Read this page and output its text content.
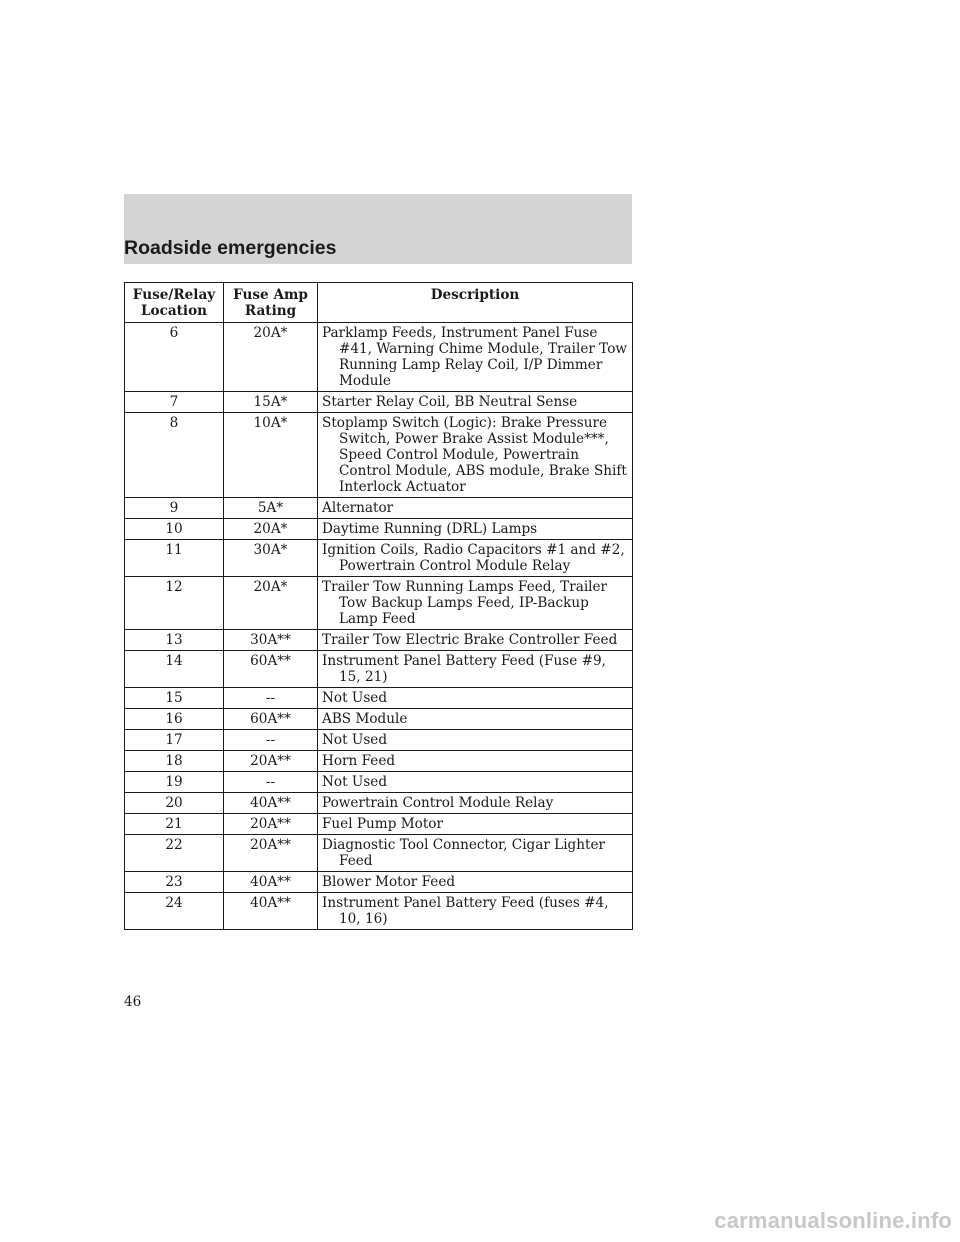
Roadside emergencies
Fuse/Relay Location	Fuse Amp Rating	Description
6	20A*	Parklamp Feeds, Instrument Panel Fuse #41, Warning Chime Module, Trailer Tow Running Lamp Relay Coil, I/P Dimmer Module

7	15A*	Starter Relay Coil, BB Neutral Sense

8	10A*	Stoplamp Switch (Logic): Brake Pressure Switch, Power Brake Assist Module***, Speed Control Module, Powertrain Control Module, ABS module, Brake Shift Interlock Actuator

9	5A*	Alternator

10	20A*	Daytime Running (DRL) Lamps

11	30A*	Ignition Coils, Radio Capacitors #1 and #2, Powertrain Control Module Relay

12	20A*	Trailer Tow Running Lamps Feed, Trailer Tow Backup Lamps Feed, IP-Backup Lamp Feed

13	30A**	Trailer Tow Electric Brake Controller Feed

14	60A**	Instrument Panel Battery Feed (Fuse #9, 15, 21)

15	--	Not Used

16	60A**	ABS Module

17	--	Not Used

18	20A**	Horn Feed

19	--	Not Used

20	40A**	Powertrain Control Module Relay

21	20A**	Fuel Pump Motor

22	20A**	Diagnostic Tool Connector, Cigar Lighter Feed

23	40A**	Blower Motor Feed

24	40A**	Instrument Panel Battery Feed (fuses #4, 10, 16)
46
carmanualsonline.info
